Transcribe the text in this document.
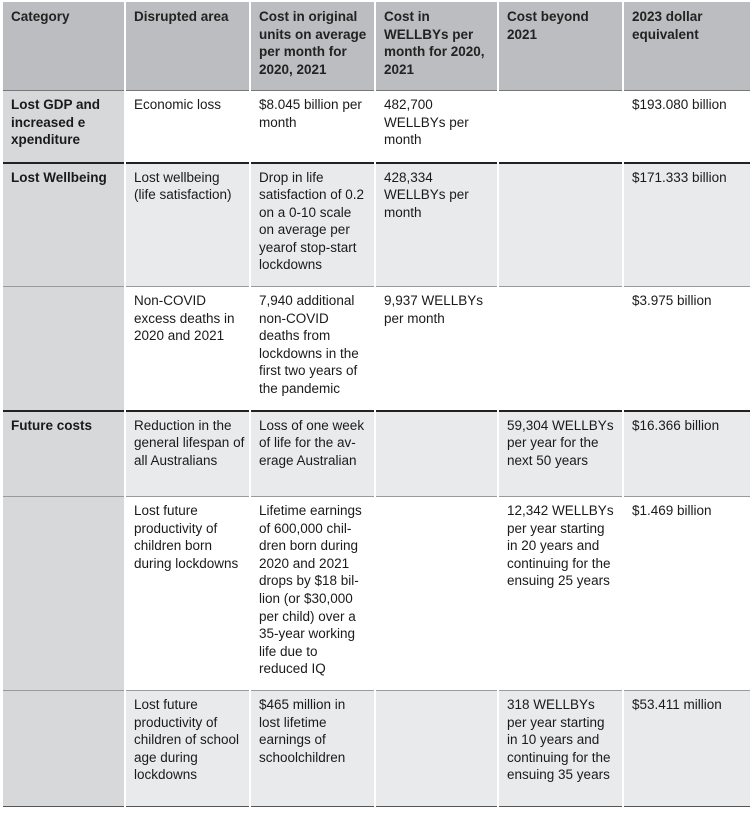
Category	Disrupted area	Cost in original units on average per month for 2020, 2021	Cost in WELLBYs per month for 2020, 2021	Cost beyond 2021	2023 dollar equivalent
Lost GDP and increased e xpenditure	Economic loss	$8.045 billion per month	482,700 WELLBYs per month		$193.080 billion
Lost Wellbeing	Lost wellbeing (life satisfaction)	Drop in life satisfaction of 0.2 on a 0-10 scale on average per yearof stop-start lockdowns	428,334 WELLBYs per month		$171.333 billion
	Non-COVID excess deaths in 2020 and 2021	7,940 additional non-COVID deaths from lockdowns in the first two years of the pandemic	9,937 WELLBYs per month		$3.975 billion
Future costs	Reduction in the general lifespan of all Australians	Loss of one week of life for the av-erage Australian		59,304 WELLBYs per year for the next 50 years	$16.366 billion
	Lost future productivity of children born during lockdowns	Lifetime earnings of 600,000 chil-dren born during 2020 and 2021 drops by $18 bil-lion (or $30,000 per child) over a 35-year working life due to reduced IQ		12,342 WELLBYs per year starting in 20 years and continuing for the ensuing 25 years	$1.469 billion
	Lost future productivity of children of school age during lockdowns	$465 million in lost lifetime earnings of schoolchildren		318 WELLBYs per year starting in 10 years and continuing for the ensuing 35 years	$53.411 million
